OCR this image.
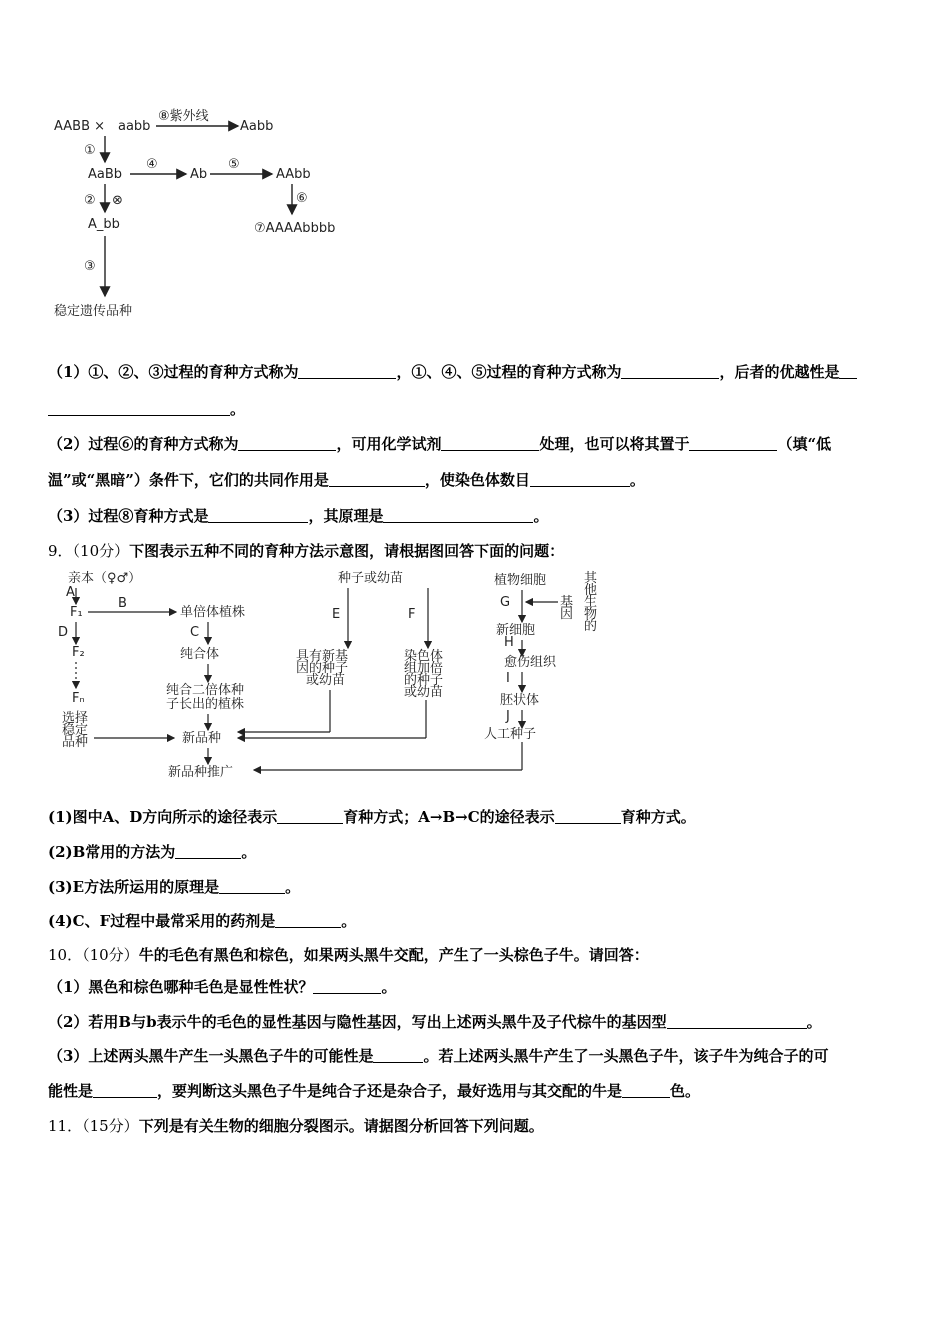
AABB × aabb
⑧紫外线
Aabb
①
AaBb
④
Ab
⑤
AAbb
⑥
⑦AAAAbbbb
② ⊗
A_bb
③
稳定遗传品种
（1）①、②、③过程的育种方式称为	，①、④、⑤过程的育种方式称为	，后者的优越性是
。
（2）过程⑥的育种方式称为	，可用化学试剂	处理，也可以将其置于	（填“低
温”或“黑暗”）条件下，它们的共同作用是	，使染色体数目	。
（3）过程⑧育种方式是	，其原理是	。
9．（10分）下图表示五种不同的育种方法示意图，请根据图回答下面的问题：
亲本（♀♂）
A
F₁
B
单倍体植株
C
纯合体
纯合二倍体种
子长出的植株
D
F₂
Fₙ
选择
稳定
品种	新品种
新品种推广
种子或幼苗
E
具有新基
因的种子
或幼苗
F
染色体
组加倍
的种子
或幼苗
植物细胞	其
他
生
物
的
基
因
G
新细胞
H
愈伤组织
I
胚状体
J
人工种子
(1)图中A、D方向所示的途径表示	育种方式；A→B→C的途径表示	育种方式。
(2)B常用的方法为	。
(3)E方法所运用的原理是	。
(4)C、F过程中最常采用的药剂是	。
10．（10分）牛的毛色有黑色和棕色，如果两头黑牛交配，产生了一头棕色子牛。请回答：
（1）黑色和棕色哪种毛色是显性性状？	。
（2）若用B与b表示牛的毛色的显性基因与隐性基因，写出上述两头黑牛及子代棕牛的基因型	。
（3）上述两头黑牛产生一头黑色子牛的可能性是	。若上述两头黑牛产生了一头黑色子牛，该子牛为纯合子的可
能性是	，要判断这头黑色子牛是纯合子还是杂合子，最好选用与其交配的牛是	色。
11．（15分）下列是有关生物的细胞分裂图示。请据图分析回答下列问题。
